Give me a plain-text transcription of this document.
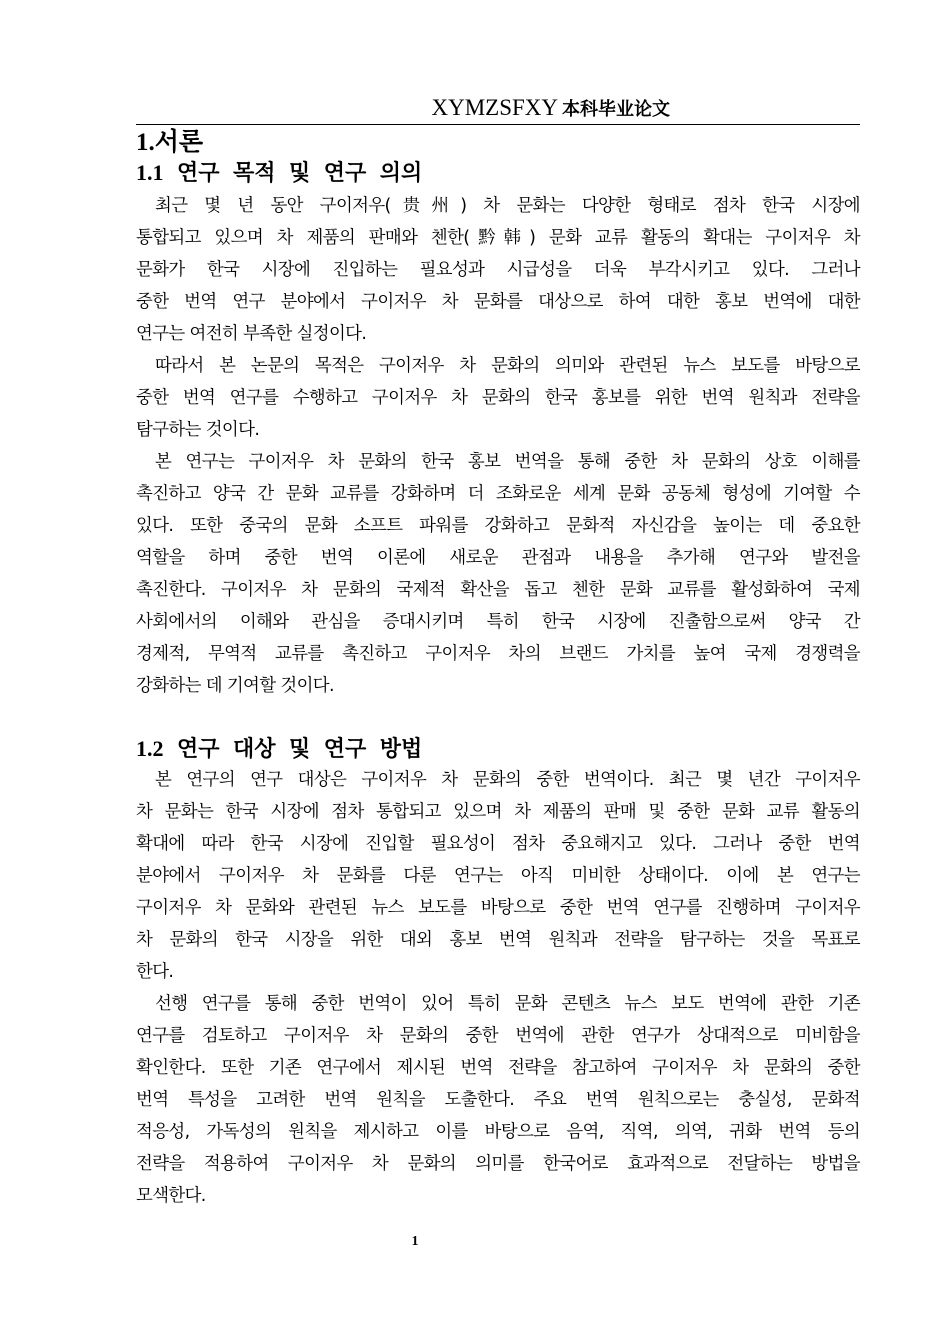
XYMZSFXY 本科毕业论文
1.서론
1.1 연구 목적 및 연구 의의
최근 몇 년 동안 구이저우(贵州) 차 문화는 다양한 형태로 점차 한국 시장에
통합되고 있으며 차 제품의 판매와 첸한(黔韩) 문화 교류 활동의 확대는 구이저우 차
문화가 한국 시장에 진입하는 필요성과 시급성을 더욱 부각시키고 있다. 그러나
중한 번역 연구 분야에서 구이저우 차 문화를 대상으로 하여 대한 홍보 번역에 대한
연구는 여전히 부족한 실정이다.
따라서 본 논문의 목적은 구이저우 차 문화의 의미와 관련된 뉴스 보도를 바탕으로
중한 번역 연구를 수행하고 구이저우 차 문화의 한국 홍보를 위한 번역 원칙과 전략을
탐구하는 것이다.
본 연구는 구이저우 차 문화의 한국 홍보 번역을 통해 중한 차 문화의 상호 이해를
촉진하고 양국 간 문화 교류를 강화하며 더 조화로운 세계 문화 공동체 형성에 기여할 수
있다. 또한 중국의 문화 소프트 파워를 강화하고 문화적 자신감을 높이는 데 중요한
역할을 하며 중한 번역 이론에 새로운 관점과 내용을 추가해 연구와 발전을
촉진한다. 구이저우 차 문화의 국제적 확산을 돕고 첸한 문화 교류를 활성화하여 국제
사회에서의 이해와 관심을 증대시키며 특히 한국 시장에 진출함으로써 양국 간
경제적, 무역적 교류를 촉진하고 구이저우 차의 브랜드 가치를 높여 국제 경쟁력을
강화하는 데 기여할 것이다.
1.2 연구 대상 및 연구 방법
본 연구의 연구 대상은 구이저우 차 문화의 중한 번역이다. 최근 몇 년간 구이저우
차 문화는 한국 시장에 점차 통합되고 있으며 차 제품의 판매 및 중한 문화 교류 활동의
확대에 따라 한국 시장에 진입할 필요성이 점차 중요해지고 있다. 그러나 중한 번역
분야에서 구이저우 차 문화를 다룬 연구는 아직 미비한 상태이다. 이에 본 연구는
구이저우 차 문화와 관련된 뉴스 보도를 바탕으로 중한 번역 연구를 진행하며 구이저우
차 문화의 한국 시장을 위한 대외 홍보 번역 원칙과 전략을 탐구하는 것을 목표로
한다.
선행 연구를 통해 중한 번역이 있어 특히 문화 콘텐츠 뉴스 보도 번역에 관한 기존
연구를 검토하고 구이저우 차 문화의 중한 번역에 관한 연구가 상대적으로 미비함을
확인한다. 또한 기존 연구에서 제시된 번역 전략을 참고하여 구이저우 차 문화의 중한
번역 특성을 고려한 번역 원칙을 도출한다. 주요 번역 원칙으로는 충실성, 문화적
적응성, 가독성의 원칙을 제시하고 이를 바탕으로 음역, 직역, 의역, 귀화 번역 등의
전략을 적용하여 구이저우 차 문화의 의미를 한국어로 효과적으로 전달하는 방법을
모색한다.
1
